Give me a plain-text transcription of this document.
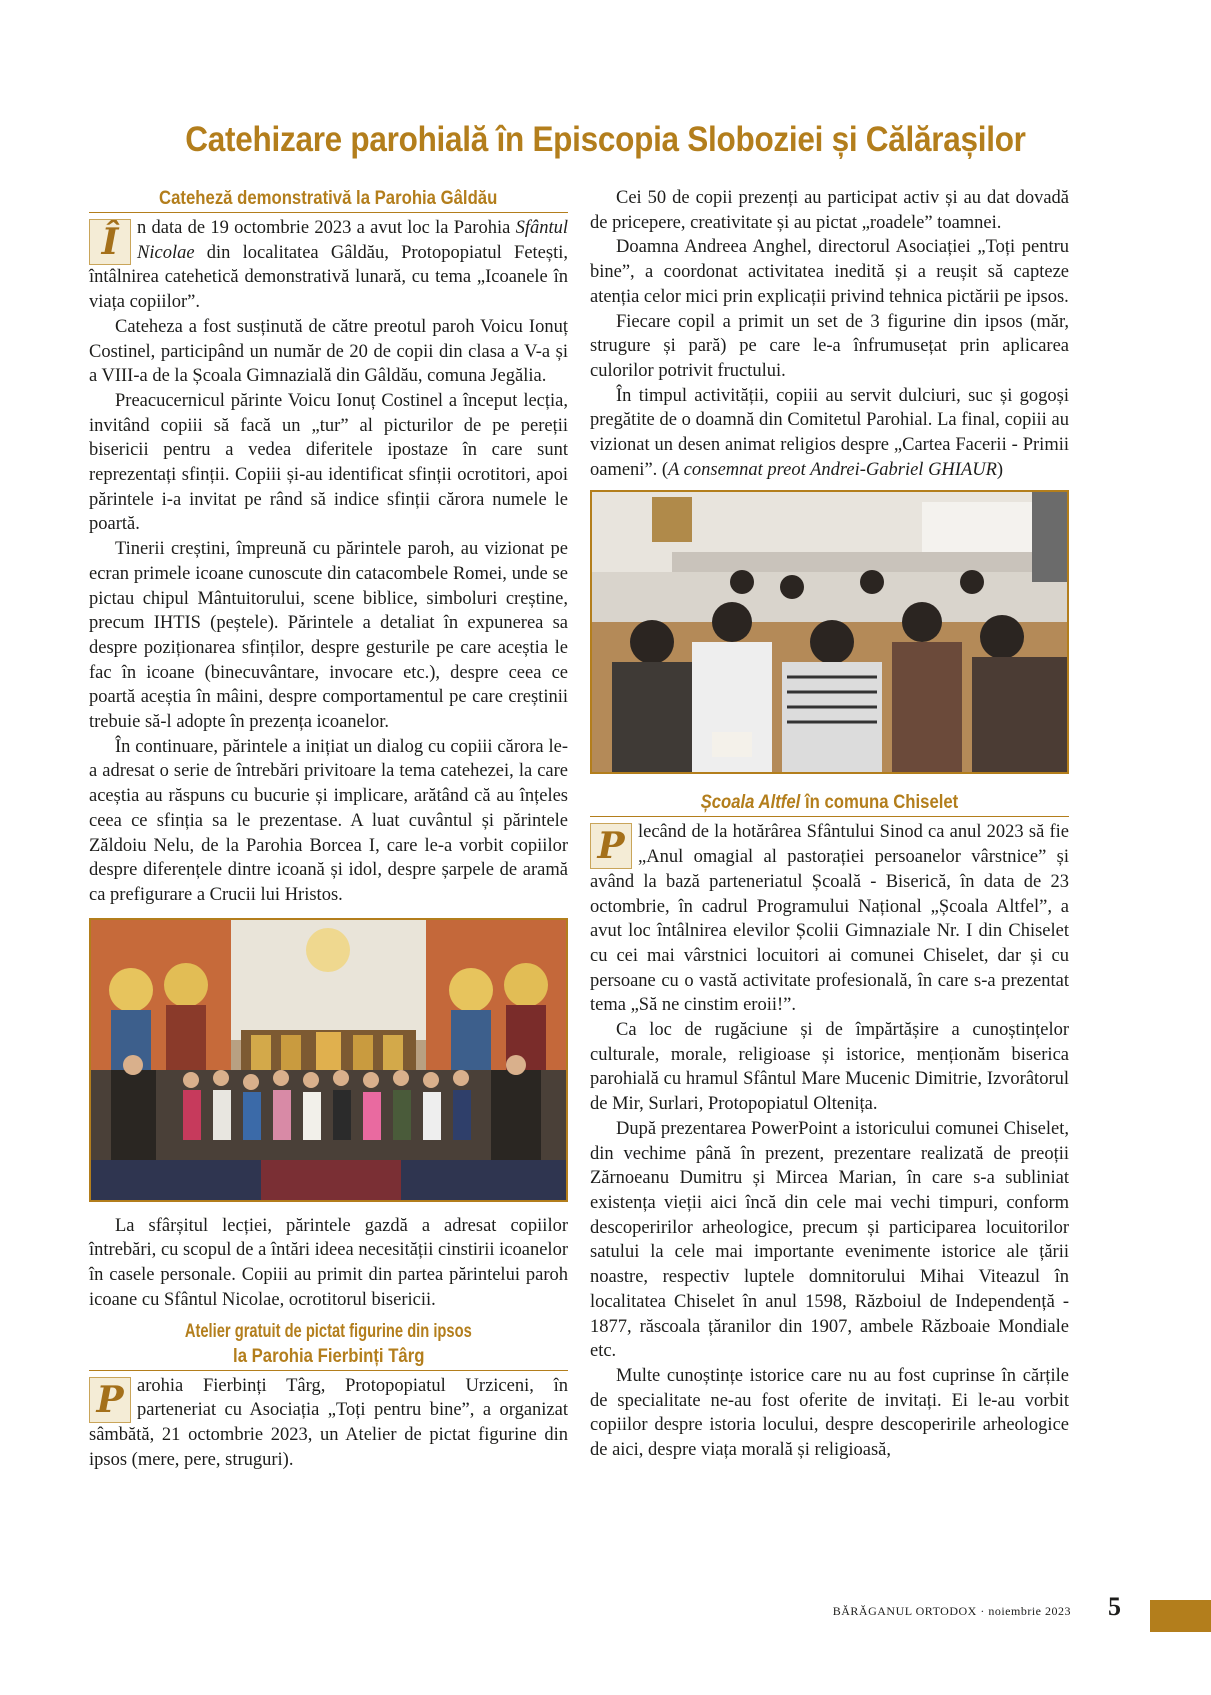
Catehizare parohială în Episcopia Sloboziei și Călărașilor
Cateheză demonstrativă la Parohia Gâldău

Î	n data de 19 octombrie 2023 a avut loc la Parohia Sfântul Nicolae din localitatea Gâldău, Protopopiatul Fetești, întâlnirea catehetică demonstrativă lunară, cu tema „Icoanele în viața copiilor”.

Cateheza a fost susținută de către preotul paroh Voicu Ionuț Costinel, participând un număr de 20 de copii din clasa a V-a și a VIII-a de la Școala Gimnazială din Gâldău, comuna Jegălia.

Preacucernicul părinte Voicu Ionuț Costinel a început lecția, invitând copiii să facă un „tur” al picturilor de pe pereții bisericii pentru a vedea diferitele ipostaze în care sunt reprezentați sfinții. Copiii și-au identificat sfinții ocrotitori, apoi părintele i-a invitat pe rând să indice sfinții cărora numele le poartă.

Tinerii creștini, împreună cu părintele paroh, au vizionat pe ecran primele icoane cunoscute din catacombele Romei, unde se pictau chipul Mântuitorului, scene biblice, simboluri creștine, precum IHTIS (peștele). Părintele a detaliat în expunerea sa despre poziționarea sfinților, despre gesturile pe care aceștia le fac în icoane (binecuvântare, invocare etc.), despre ceea ce poartă aceștia în mâini, despre comportamentul pe care creștinii trebuie să-l adopte în prezența icoanelor.

În continuare, părintele a inițiat un dialog cu copiii cărora le-a adresat o serie de întrebări privitoare la tema catehezei, la care aceștia au răspuns cu bucurie și implicare, arătând că au înțeles ceea ce sfinția sa le prezentase. A luat cuvântul și părintele Zăldoiu Nelu, de la Parohia Borcea I, care le-a vorbit copiilor despre diferențele dintre icoană și idol, despre șarpele de aramă ca prefigurare a Crucii lui Hristos.

La sfârșitul lecției, părintele gazdă a adresat copiilor întrebări, cu scopul de a întări ideea necesității cinstirii icoanelor în casele personale. Copiii au primit din partea părintelui paroh icoane cu Sfântul Nicolae, ocrotitorul bisericii.

Atelier gratuit de pictat figurine din ipsos
la Parohia Fierbinți Târg

P arohia Fierbinți Târg, Protopopiatul Urziceni, în parteneriat cu Asociația „Toți pentru bine”, a organizat sâmbătă, 21 octombrie 2023, un Atelier de pictat figurine din ipsos (mere, pere, struguri).

Cei 50 de copii prezenți au participat activ și au dat dovadă de pricepere, creativitate și au pictat „roadele” toamnei.

Doamna Andreea Anghel, directorul Asociației „Toți pentru bine”, a coordonat activitatea inedită și a reușit să capteze atenția celor mici prin explicații privind tehnica pictării pe ipsos.

Fiecare copil a primit un set de 3 figurine din ipsos (măr, strugure și pară) pe care le-a înfrumusețat prin aplicarea culorilor potrivit fructului.

În timpul activității, copiii au servit dulciuri, suc și gogoși pregătite de o doamnă din Comitetul Parohial. La final, copiii au vizionat un desen animat religios despre „Cartea Facerii - Primii oameni”. (A consemnat preot Andrei-Gabriel GHIAUR)

Școala Altfel în comuna Chiselet

P lecând de la hotărârea Sfântului Sinod ca anul 2023 să fie „Anul omagial al pastorației persoanelor vârstnice” și având la bază parteneriatul Școală - Biserică, în data de 23 octombrie, în cadrul Programului Național „Școala Altfel”, a avut loc întâlnirea elevilor Școlii Gimnaziale Nr. I din Chiselet cu cei mai vârstnici locuitori ai comunei Chiselet, dar și cu persoane cu o vastă activitate profesională, în care s-a prezentat tema „Să ne cinstim eroii!”.

Ca loc de rugăciune și de împărtășire a cunoștințelor culturale, morale, religioase și istorice, menționăm biserica parohială cu hramul Sfântul Mare Mucenic Dimitrie, Izvorâtorul de Mir, Surlari, Protopopiatul Oltenița.

După prezentarea PowerPoint a istoricului comunei Chiselet, din vechime până în prezent, prezentare realizată de preoții Zărnoeanu Dumitru și Mircea Marian, în care s-a subliniat existența vieții aici încă din cele mai vechi timpuri, conform descoperirilor arheologice, precum și participarea locuitorilor satului la cele mai importante evenimente istorice ale țării noastre, respectiv luptele domnitorului Mihai Viteazul în localitatea Chiselet în anul 1598, Războiul de Independență - 1877, răscoala țăranilor din 1907, ambele Războaie Mondiale etc.

Multe cunoștințe istorice care nu au fost cuprinse în cărțile de specialitate ne-au fost oferite de invitați. Ei le-au vorbit copiilor despre istoria locului, despre descoperirile arheologice de aici, despre viața morală și religioasă,

BĂRĂGANUL ORTODOX · noiembrie 2023 5
